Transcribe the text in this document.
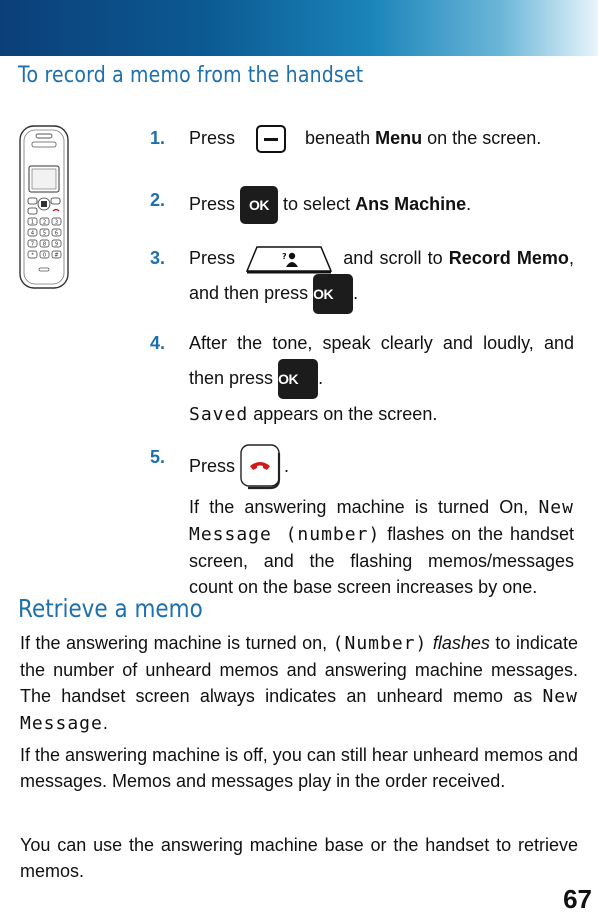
To record a memo from the handset
1 2 3
4 5 6
7 8 9
* 0 #
1. Press	beneath Menu on the screen.
2. Press OK to select Ans Machine.
3. Press	?	and scroll to Record Memo, and then press OK .
4. After the tone, speak clearly and loudly, and then press OK .
Saved appears on the screen.
5. Press	.
If the answering machine is turned On, New Message (number) flashes on the handset screen, and the flashing memos/messages count on the base screen increases by one.
Retrieve a memo

If the answering machine is turned on, (Number) flashes to indicate the number of unheard memos and answering machine messages. The handset screen always indicates an unheard memo as New Message.

If the answering machine is off, you can still hear unheard memos and messages. Memos and messages play in the order received.

You can use the answering machine base or the handset to retrieve memos.

67
